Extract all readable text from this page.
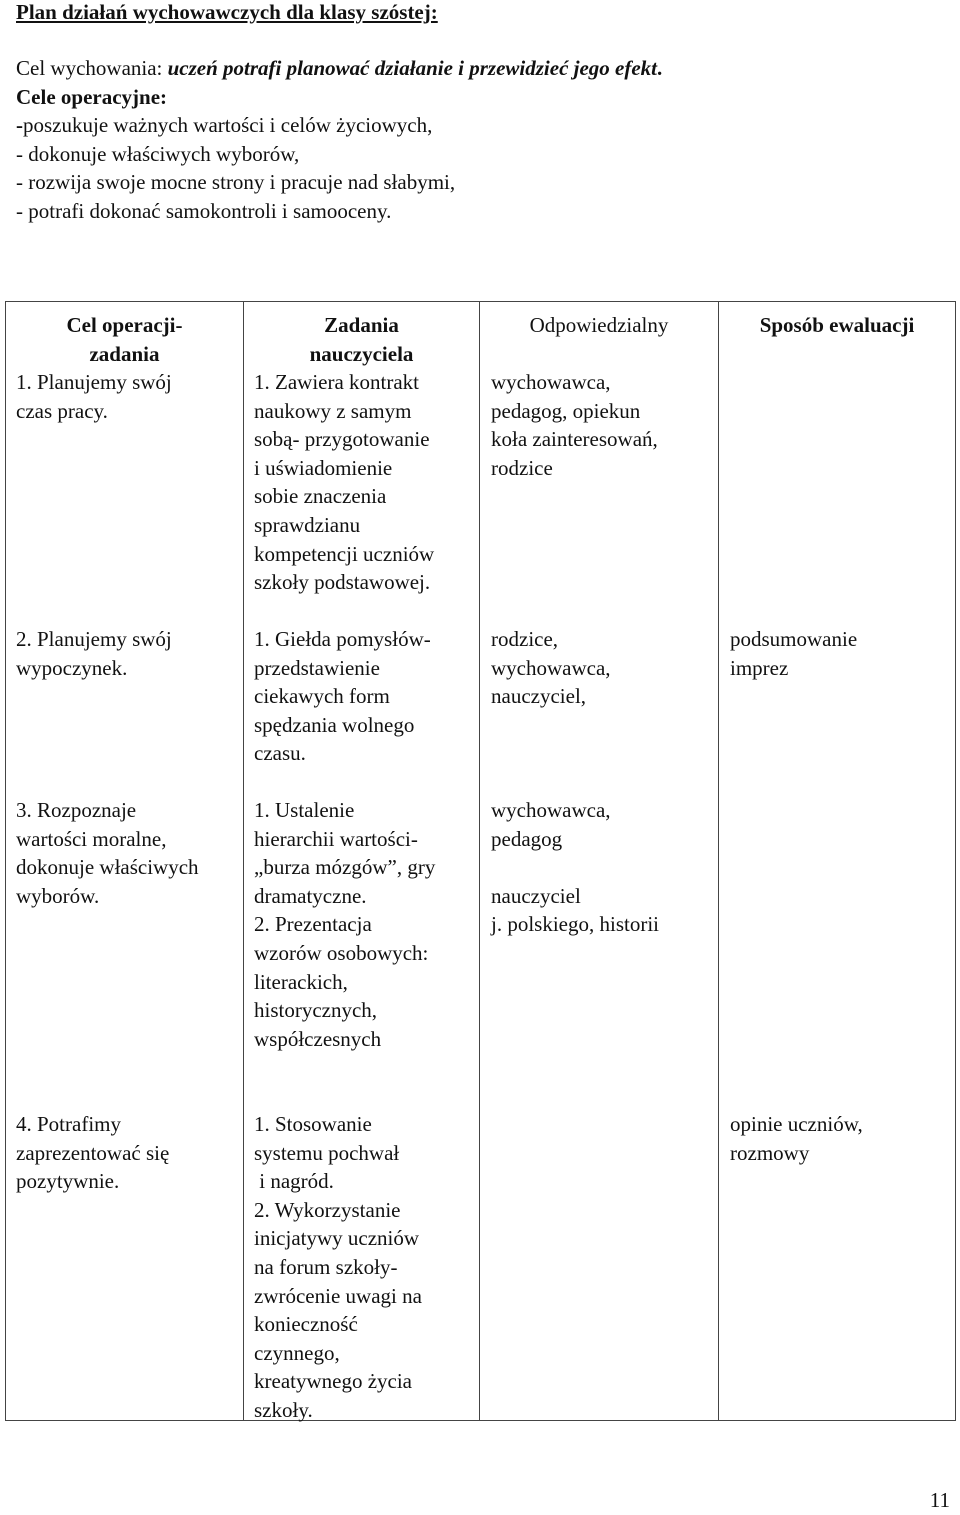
Plan działań wychowawczych dla klasy szóstej:
Cel wychowania: uczeń potrafi planować działanie i przewidzieć jego efekt.
Cele operacyjne:
-poszukuje ważnych wartości i celów życiowych,
- dokonuje właściwych wyborów,
- rozwija swoje mocne strony i pracuje nad słabymi,
- potrafi dokonać samokontroli i samooceny.
Cel operacji-
zadania
Zadania
nauczyciela
Odpowiedzialny	Sposób ewaluacji
1. Planujemy swój
czas pracy.
1. Zawiera kontrakt
naukowy z samym
sobą- przygotowanie
i uświadomienie
sobie znaczenia
sprawdzianu
kompetencji uczniów
szkoły podstawowej.
wychowawca,
pedagog, opiekun
koła zainteresowań,
rodzice
2. Planujemy swój
wypoczynek.
1. Giełda pomysłów-
przedstawienie
ciekawych form
spędzania wolnego
czasu.
rodzice,
wychowawca,
nauczyciel,
podsumowanie
imprez
3. Rozpoznaje
wartości moralne,
dokonuje właściwych
wyborów.
1. Ustalenie
hierarchii wartości-
„burza mózgów”, gry
dramatyczne.
2. Prezentacja
wzorów osobowych:
literackich,
historycznych,
współczesnych
wychowawca,
pedagog
nauczyciel
j. polskiego, historii
4. Potrafimy
zaprezentować się
pozytywnie.
1. Stosowanie
systemu pochwał
i nagród.
2. Wykorzystanie
inicjatywy uczniów
na forum szkoły-
zwrócenie uwagi na
konieczność
czynnego,
kreatywnego życia
szkoły.
opinie uczniów,
rozmowy
11
